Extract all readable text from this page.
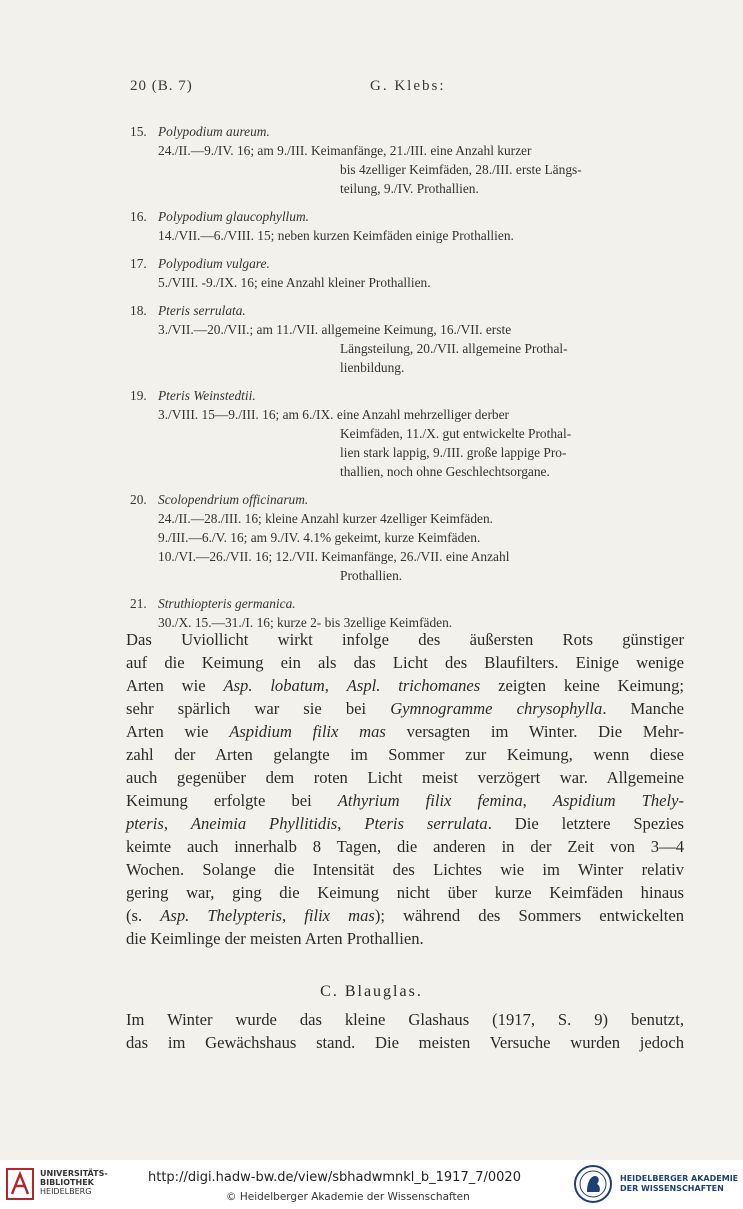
20 (B. 7)	G. Klebs:
15. Polypodium aureum.
24./II.—9./IV. 16; am 9./III. Keimanfänge, 21./III. eine Anzahl kurzer
bis 4zelliger Keimfäden, 28./III. erste Längs-
teilung, 9./IV. Prothallien.
16. Polypodium glaucophyllum.
14./VII.—6./VIII. 15; neben kurzen Keimfäden einige Prothallien.
17. Polypodium vulgare.
5./VIII. -9./IX. 16; eine Anzahl kleiner Prothallien.
18. Pteris serrulata.
3./VII.—20./VII.; am 11./VII. allgemeine Keimung, 16./VII. erste
Längsteilung, 20./VII. allgemeine Prothal-
lienbildung.
19. Pteris Weinstedtii.
3./VIII. 15—9./III. 16; am 6./IX. eine Anzahl mehrzelliger derber
Keimfäden, 11./X. gut entwickelte Prothal-
lien stark lappig, 9./III. große lappige Pro-
thallien, noch ohne Geschlechtsorgane.
20. Scolopendrium officinarum.
24./II.—28./III. 16; kleine Anzahl kurzer 4zelliger Keimfäden.
9./III.—6./V. 16; am 9./IV. 4.1% gekeimt, kurze Keimfäden.
10./VI.—26./VII. 16; 12./VII. Keimanfänge, 26./VII. eine Anzahl
Prothallien.
21. Struthiopteris germanica.
30./X. 15.—31./I. 16; kurze 2- bis 3zellige Keimfäden.
Das Uviollicht wirkt infolge des äußersten Rots günstiger
auf die Keimung ein als das Licht des Blaufilters. Einige wenige
Arten wie Asp. lobatum, Aspl. trichomanes zeigten keine Keimung;
sehr spärlich war sie bei Gymnogramme chrysophylla. Manche
Arten wie Aspidium filix mas versagten im Winter. Die Mehr-
zahl der Arten gelangte im Sommer zur Keimung, wenn diese
auch gegenüber dem roten Licht meist verzögert war. Allgemeine
Keimung erfolgte bei Athyrium filix femina, Aspidium Thely-
pteris, Aneimia Phyllitidis, Pteris serrulata. Die letztere Spezies
keimte auch innerhalb 8 Tagen, die anderen in der Zeit von 3—4
Wochen. Solange die Intensität des Lichtes wie im Winter relativ
gering war, ging die Keimung nicht über kurze Keimfäden hinaus
(s. Asp. Thelypteris, filix mas); während des Sommers entwickelten
die Keimlinge der meisten Arten Prothallien.
C. Blauglas.
Im Winter wurde das kleine Glashaus (1917, S. 9) benutzt,
das im Gewächshaus stand. Die meisten Versuche wurden jedoch
UNIVERSITÄTS-
BIBLIOTHEK
HEIDELBERG
http://digi.hadw-bw.de/view/sbhadwmnkl_b_1917_7/0020
© Heidelberger Akademie der Wissenschaften
HEIDELBERGER AKADEMIE
DER WISSENSCHAFTEN
